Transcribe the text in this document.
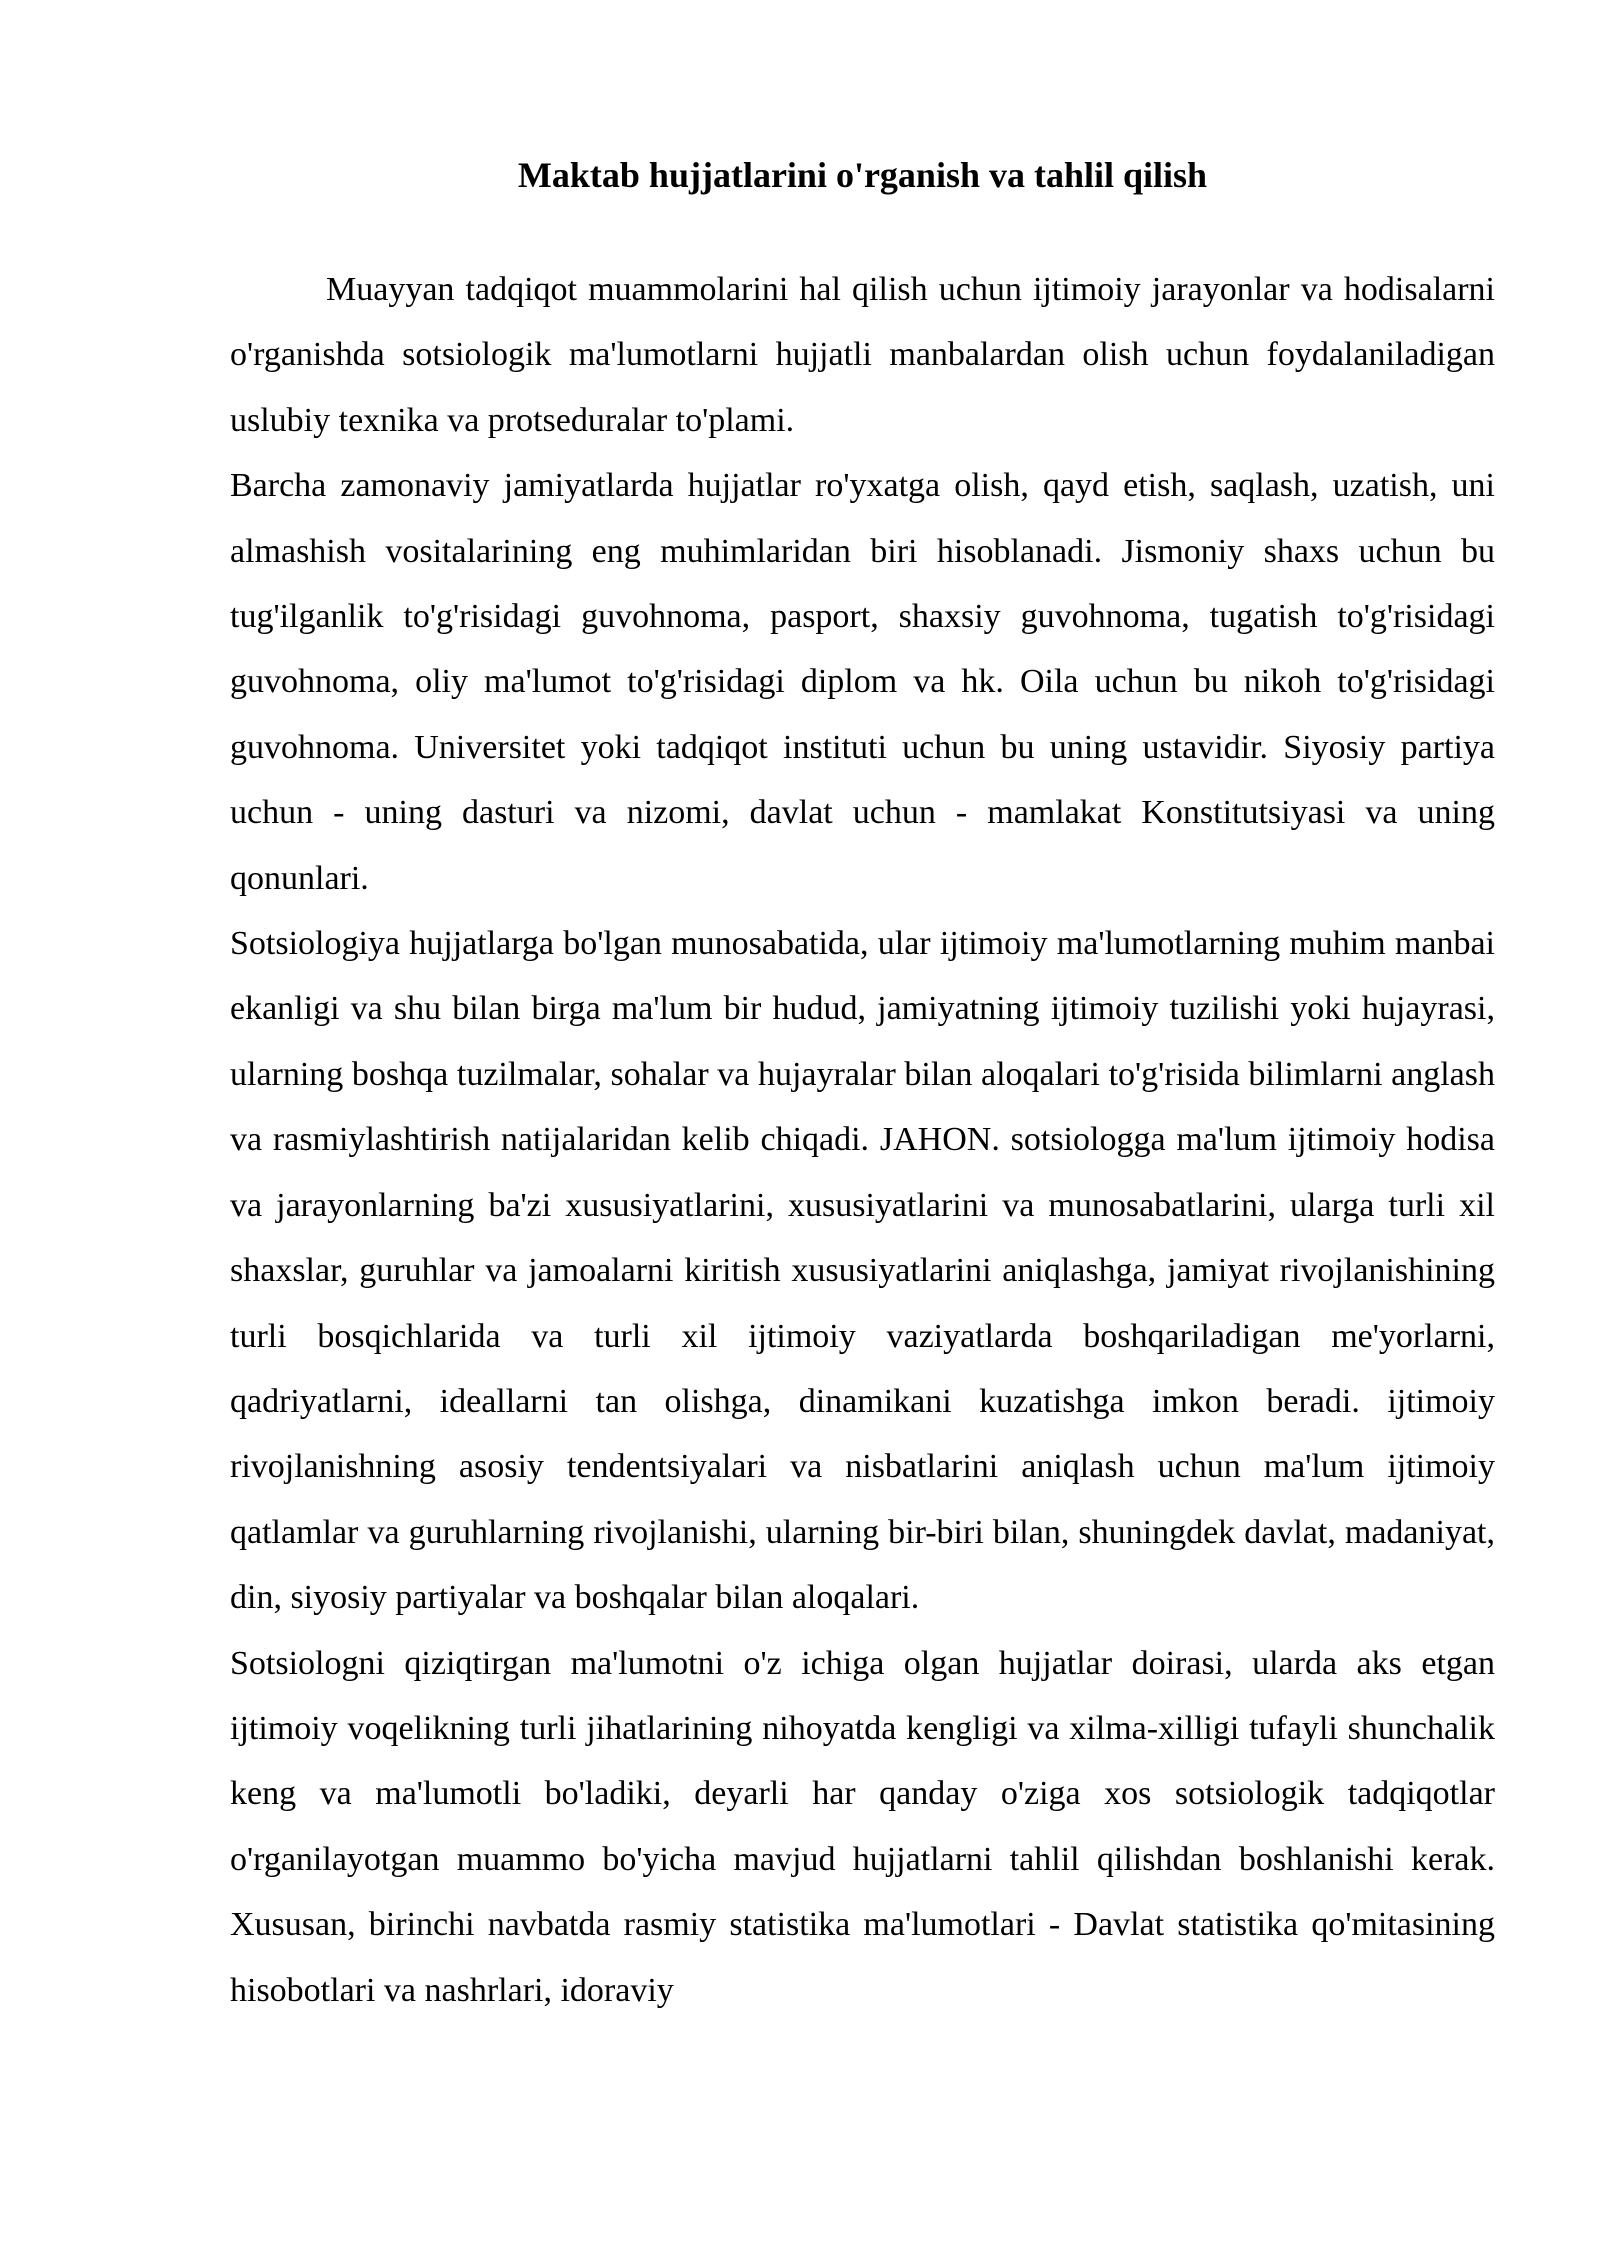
Maktab hujjatlarini o'rganish va tahlil qilish

Muayyan tadqiqot muammolarini hal qilish uchun ijtimoiy jarayonlar va hodisalarni o'rganishda sotsiologik ma'lumotlarni hujjatli manbalardan olish uchun foydalaniladigan uslubiy texnika va protseduralar to'plami.

Barcha zamonaviy jamiyatlarda hujjatlar ro'yxatga olish, qayd etish, saqlash, uzatish, uni almashish vositalarining eng muhimlaridan biri hisoblanadi. Jismoniy shaxs uchun bu tug'ilganlik to'g'risidagi guvohnoma, pasport, shaxsiy guvohnoma, tugatish to'g'risidagi guvohnoma, oliy ma'lumot to'g'risidagi diplom va hk. Oila uchun bu nikoh to'g'risidagi guvohnoma. Universitet yoki tadqiqot instituti uchun bu uning ustavidir. Siyosiy partiya uchun - uning dasturi va nizomi, davlat uchun - mamlakat Konstitutsiyasi va uning qonunlari.

Sotsiologiya hujjatlarga bo'lgan munosabatida, ular ijtimoiy ma'lumotlarning muhim manbai ekanligi va shu bilan birga ma'lum bir hudud, jamiyatning ijtimoiy tuzilishi yoki hujayrasi, ularning boshqa tuzilmalar, sohalar va hujayralar bilan aloqalari to'g'risida bilimlarni anglash va rasmiylashtirish natijalaridan kelib chiqadi. JAHON. sotsiologga ma'lum ijtimoiy hodisa va jarayonlarning ba'zi xususiyatlarini, xususiyatlarini va munosabatlarini, ularga turli xil shaxslar, guruhlar va jamoalarni kiritish xususiyatlarini aniqlashga, jamiyat rivojlanishining turli bosqichlarida va turli xil ijtimoiy vaziyatlarda boshqariladigan me'yorlarni, qadriyatlarni, ideallarni tan olishga, dinamikani kuzatishga imkon beradi. ijtimoiy rivojlanishning asosiy tendentsiyalari va nisbatlarini aniqlash uchun ma'lum ijtimoiy qatlamlar va guruhlarning rivojlanishi, ularning bir-biri bilan, shuningdek davlat, madaniyat, din, siyosiy partiyalar va boshqalar bilan aloqalari.

Sotsiologni qiziqtirgan ma'lumotni o'z ichiga olgan hujjatlar doirasi, ularda aks etgan ijtimoiy voqelikning turli jihatlarining nihoyatda kengligi va xilma-xilligi tufayli shunchalik keng va ma'lumotli bo'ladiki, deyarli har qanday o'ziga xos sotsiologik tadqiqotlar o'rganilayotgan muammo bo'yicha mavjud hujjatlarni tahlil qilishdan boshlanishi kerak. Xususan, birinchi navbatda rasmiy statistika ma'lumotlari - Davlat statistika qo'mitasining hisobotlari va nashrlari, idoraviy
